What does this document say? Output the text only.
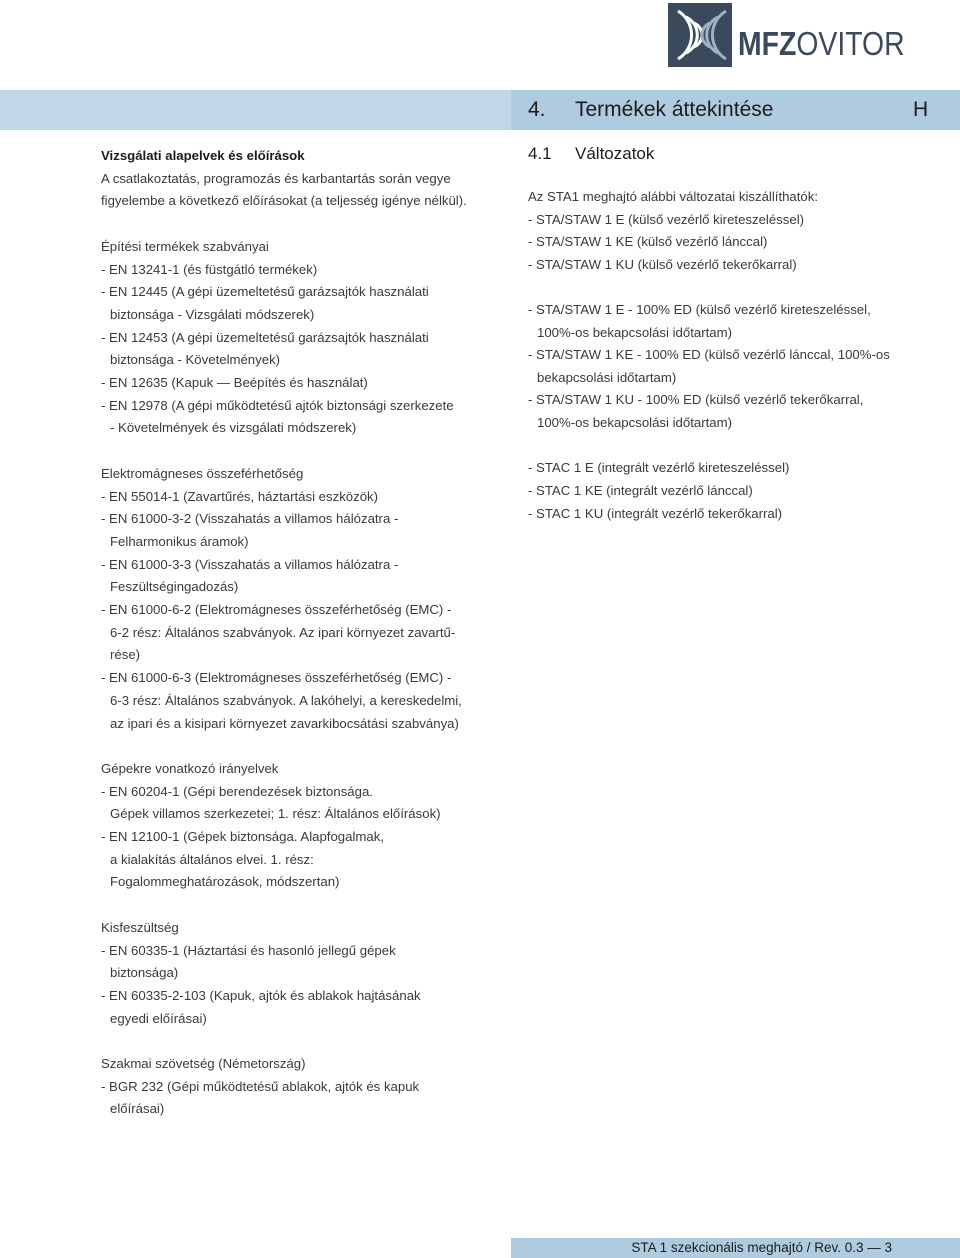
MFZOVITOR
4. Termékek áttekintése	H
Vizsgálati alapelvek és előírások
A csatlakoztatás, programozás és karbantartás során vegye
figyelembe a következő előírásokat (a teljesség igénye nélkül).
Építési termékek szabványai
- EN 13241-1 (és füstgátló termékek)
- EN 12445 (A gépi üzemeltetésű garázsajtók használati
biztonsága - Vizsgálati módszerek)
- EN 12453 (A gépi üzemeltetésű garázsajtók használati
biztonsága - Követelmények)
- EN 12635 (Kapuk — Beépítés és használat)
- EN 12978 (A gépi működtetésű ajtók biztonsági szerkezete
- Követelmények és vizsgálati módszerek)
Elektromágneses összeférhetőség
- EN 55014-1 (Zavartűrés, háztartási eszközök)
- EN 61000-3-2 (Visszahatás a villamos hálózatra -
Felharmonikus áramok)
- EN 61000-3-3 (Visszahatás a villamos hálózatra -
Feszültségingadozás)
- EN 61000-6-2 (Elektromágneses összeférhetőség (EMC) -
6-2 rész: Általános szabványok. Az ipari környezet zavartű-
rése)
- EN 61000-6-3 (Elektromágneses összeférhetőség (EMC) -
6-3 rész: Általános szabványok. A lakóhelyi, a kereskedelmi,
az ipari és a kisipari környezet zavarkibocsátási szabványa)
Gépekre vonatkozó irányelvek
- EN 60204-1 (Gépi berendezések biztonsága.
Gépek villamos szerkezetei; 1. rész: Általános előírások)
- EN 12100-1 (Gépek biztonsága. Alapfogalmak,
a kialakítás általános elvei. 1. rész:
Fogalommeghatározások, módszertan)
Kisfeszültség
- EN 60335-1 (Háztartási és hasonló jellegű gépek
biztonsága)
- EN 60335-2-103 (Kapuk, ajtók és ablakok hajtásának
egyedi előírásai)
Szakmai szövetség (Németország)
- BGR 232 (Gépi működtetésű ablakok, ajtók és kapuk
előírásai)
4.1 Változatok
Az STA1 meghajtó alábbi változatai kiszállíthatók:
- STA/STAW 1 E (külső vezérlő kireteszeléssel)
- STA/STAW 1 KE (külső vezérlő lánccal)
- STA/STAW 1 KU (külső vezérlő tekerőkarral)
- STA/STAW 1 E - 100% ED (külső vezérlő kireteszeléssel,
100%-os bekapcsolási időtartam)
- STA/STAW 1 KE - 100% ED (külső vezérlő lánccal, 100%-os
bekapcsolási időtartam)
- STA/STAW 1 KU - 100% ED (külső vezérlő tekerőkarral,
100%-os bekapcsolási időtartam)
- STAC 1 E (integrált vezérlő kireteszeléssel)
- STAC 1 KE (integrált vezérlő lánccal)
- STAC 1 KU (integrált vezérlő tekerőkarral)
STA 1 szekcionális meghajtó / Rev. 0.3 — 3
